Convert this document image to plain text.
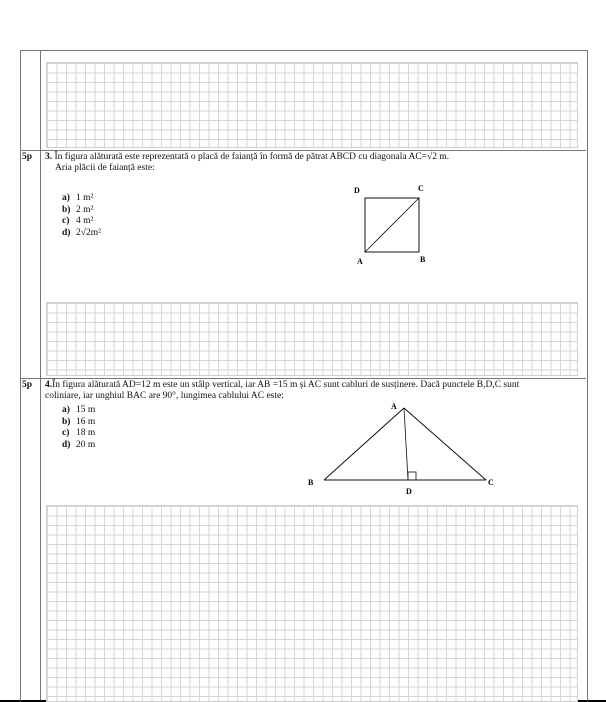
5p 3. În figura alăturată este reprezentată o placă de faianță în formă de pătrat ABCD cu diagonala AC=√2 m.
Aria plăcii de faianță este:
a) 1 m²
b) 2 m²
c) 4 m²
d) 2√2m²
D	C
A	B
5p 4.În figura alăturată AD=12 m este un stâlp vertical, iar AB =15 m și AC sunt cabluri de susținere. Dacă punctele B,D,C sunt
coliniare, iar unghiul BAC are 90°, lungimea cablului AC este:
a) 15 m
b) 16 m
c) 18 m
d) 20 m
A
B
D
C
